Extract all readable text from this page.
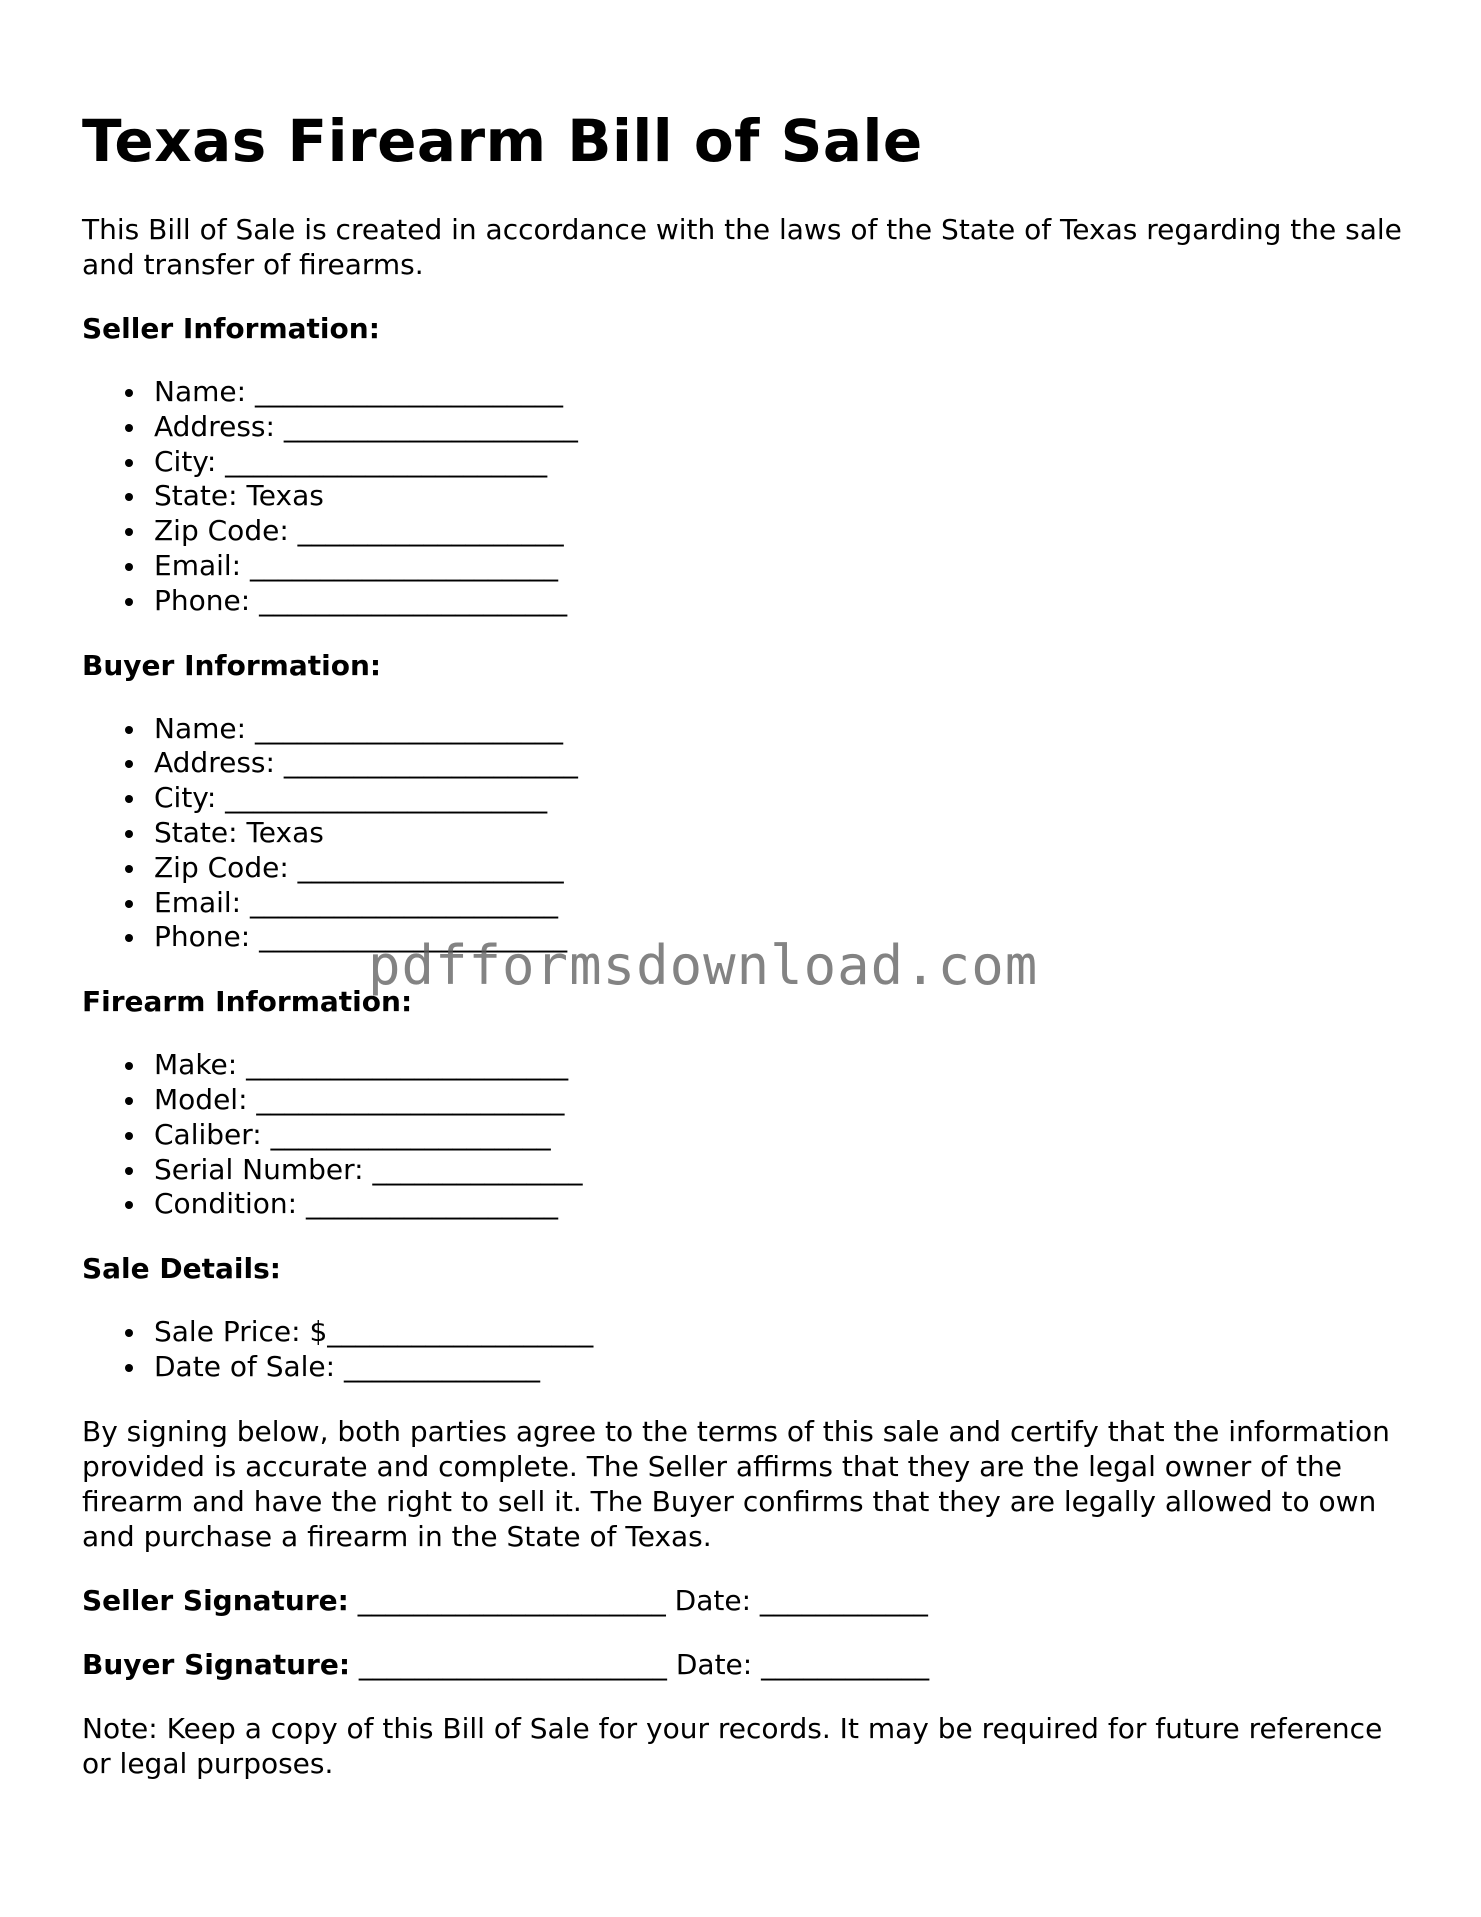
Texas Firearm Bill of Sale

This Bill of Sale is created in accordance with the laws of the State of Texas regarding the sale and transfer of firearms.

Seller Information:
Name: ______________________
Address: _____________________
City: _______________________
State: Texas
Zip Code: ___________________
Email: ______________________
Phone: ______________________
Buyer Information:
Name: ______________________
Address: _____________________
City: _______________________
State: Texas
Zip Code: ___________________
Email: ______________________
Phone: ______________________
Firearm Information:
Make: _______________________
Model: ______________________
Caliber: ____________________
Serial Number: _______________
Condition: __________________
Sale Details:
Sale Price: $___________________
Date of Sale: ______________

By signing below, both parties agree to the terms of this sale and certify that the information provided is accurate and complete. The Seller affirms that they are the legal owner of the firearm and have the right to sell it. The Buyer confirms that they are legally allowed to own and purchase a firearm in the State of Texas.

Seller Signature: ______________________ Date: ____________
Buyer Signature: ______________________ Date: ____________

Note: Keep a copy of this Bill of Sale for your records. It may be required for future reference or legal purposes.

pdfformsdownload.com
